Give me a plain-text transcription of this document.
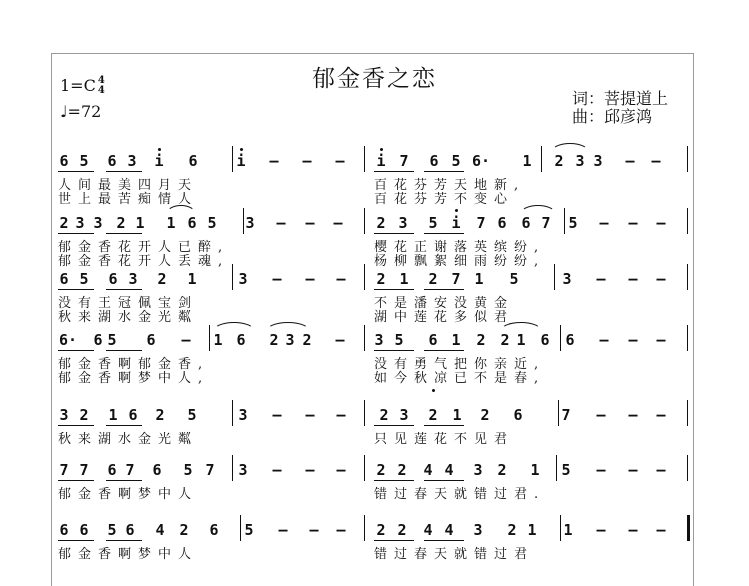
郁金香之恋
1=C 4
4
♩=72
词：菩提道上
曲：邱彦鸿
6 5 6 3 i 6	i – – – i 7 6 5 6· 1 2 3 3 – –
人间最美四月天	百花芬芳天地新,
世上最苦痴情人	百花芬芳不变心
2 3 3 2 1 1 6 5 3 – – – 2 3 5 i 7 6 6 7 5 – – –
郁金香花开人已醉,	樱花正谢落英缤纷,
郁金香花开人丢魂,	杨柳飘絮细雨纷纷,
6 5 6 3 2 1	3 – – – 2 1 2 7 1 5	3 – – –
没有王冠佩宝剑	不是潘安没黄金
秋来湖水金光粼	湖中莲花多似君
6· 6 5 6 – 1 6 2 3 2 – 3 5 6 1 2 2 1 6 6 – – –
郁金香啊郁金香,	没有勇气把你亲近,
郁金香啊梦中人,	如今秋凉已不是春,
3 2 1 6 2 5	3 – – – 2 3 2 1 2 6	7 – – –
秋来湖水金光粼	只见莲花不见君
7 7 6 7 6 5 7 3 – – – 2 2 4 4 3 2 1 5 – – –
郁金香啊梦中人	错过春天就错过君.
6 6 5 6 4 2 6 5 – – – 2 2 4 4 3 2 1 1 – – –
郁金香啊梦中人	错过春天就错过君
